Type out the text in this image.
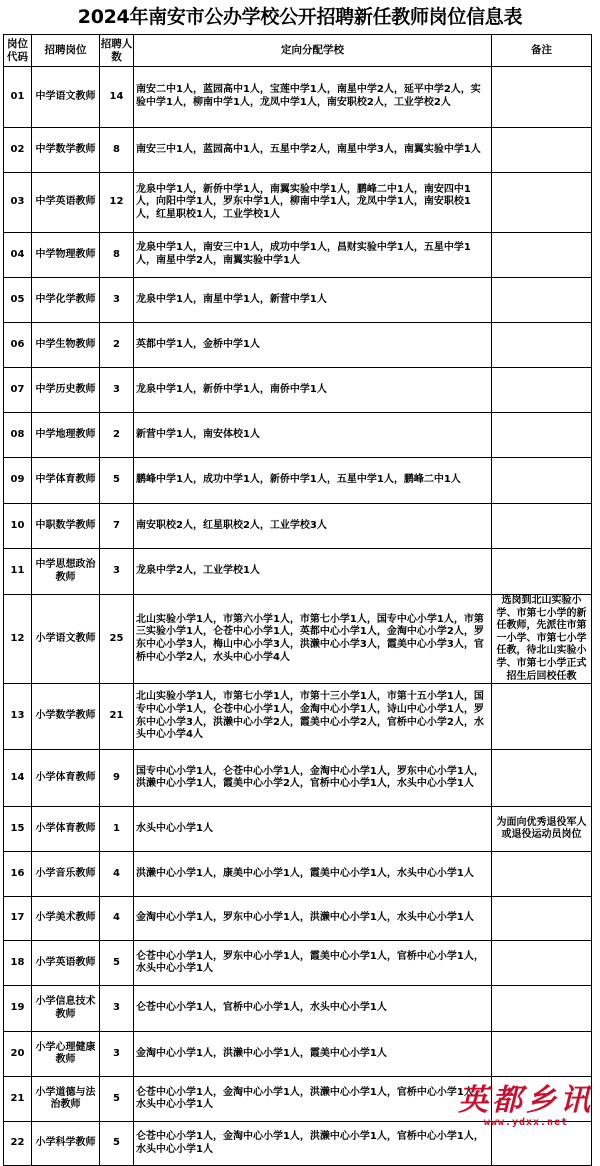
2024年南安市公办学校公开招聘新任教师岗位信息表
岗位代码	招聘岗位	招聘人数	定向分配学校	备注
01	中学语文教师	14	南安二中1人，蓝园高中1人，宝莲中学1人，南星中学2人，延平中学2人，实验中学1人，柳南中学1人，龙凤中学1人，南安职校2人，工业学校2人	
02	中学数学教师	8	南安三中1人，蓝园高中1人，五星中学2人，南星中学3人，南翼实验中学1人	
03	中学英语教师	12	龙泉中学1人，新侨中学1人，南翼实验中学1人，鹏峰二中1人，南安四中1人，向阳中学1人，罗东中学1人，柳南中学1人，龙凤中学1人，南安职校1人，红星职校1人，工业学校1人	
04	中学物理教师	8	龙泉中学1人，南安三中1人，成功中学1人，昌财实验中学1人，五星中学1人，南星中学2人，南翼实验中学1人	
05	中学化学教师	3	龙泉中学1人，南星中学1人，新营中学1人	
06	中学生物教师	2	英都中学1人，金桥中学1人	
07	中学历史教师	3	龙泉中学1人，新侨中学1人，南侨中学1人	
08	中学地理教师	2	新营中学1人，南安体校1人	
09	中学体育教师	5	鹏峰中学1人，成功中学1人，新侨中学1人，五星中学1人，鹏峰二中1人	
10	中职数学教师	7	南安职校2人，红星职校2人，工业学校3人	
11	中学思想政治教师	3	龙泉中学2人，工业学校1人	
12	小学语文教师	25	北山实验小学1人，市第六小学1人，市第七小学1人，国专中心小学1人，市第三实验小学1人，仑苍中心小学1人，英都中心小学1人，金淘中心小学2人，罗东中心小学3人，梅山中心小学3人，洪濑中心小学3人，霞美中心小学3人，官桥中心小学2人，水头中心小学4人	选岗到北山实验小学、市第七小学的新任教师，先派往市第一小学、市第七小学任教，待北山实验小学、市第七小学正式招生后回校任教
13	小学数学教师	21	北山实验小学1人，市第七小学1人，市第十三小学1人，市第十五小学1人，国专中心小学1人，仑苍中心小学1人，金淘中心小学1人，诗山中心小学1人，罗东中心小学3人，洪濑中心小学2人，霞美中心小学2人，官桥中心小学2人，水头中心小学4人	
14	小学体育教师	9	国专中心小学1人，仑苍中心小学1人，金淘中心小学1人，罗东中心小学1人，洪濑中心小学1人，霞美中心小学2人，官桥中心小学1人，水头中心小学1人	
15	小学体育教师	1	水头中心小学1人	为面向优秀退役军人或退役运动员岗位
16	小学音乐教师	4	洪濑中心小学1人，康美中心小学1人，霞美中心小学1人，水头中心小学1人	
17	小学美术教师	4	金淘中心小学1人，罗东中心小学1人，洪濑中心小学1人，水头中心小学1人	
18	小学英语教师	5	仑苍中心小学1人，罗东中心小学1人，霞美中心小学1人，官桥中心小学1人，水头中心小学1人	
19	小学信息技术教师	3	仑苍中心小学1人，官桥中心小学1人，水头中心小学1人	
20	小学心理健康教师	3	金淘中心小学1人，洪濑中心小学1人，霞美中心小学1人	
21	小学道德与法治教师	5	仑苍中心小学1人，金淘中心小学1人，洪濑中心小学1人，官桥中心小学1人，水头中心小学1人	
22	小学科学教师	5	仑苍中心小学1人，金淘中心小学1人，洪濑中心小学1人，官桥中心小学1人，水头中心小学1人	
英都乡讯
www.ydxx.net
